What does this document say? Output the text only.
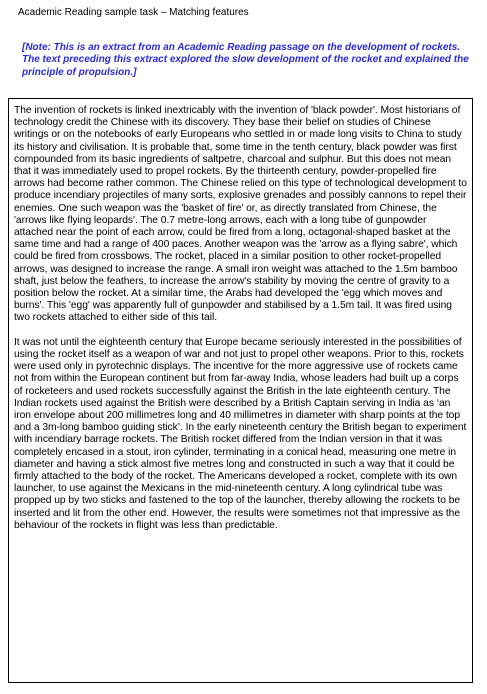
Academic Reading sample task – Matching features
[Note: This is an extract from an Academic Reading passage on the development of rockets. The text preceding this extract explored the slow development of the rocket and explained the principle of propulsion.]

The invention of rockets is linked inextricably with the invention of 'black powder'. Most historians of technology credit the Chinese with its discovery. They base their belief on studies of Chinese writings or on the notebooks of early Europeans who settled in or made long visits to China to study its history and civilisation. It is probable that, some time in the tenth century, black powder was first compounded from its basic ingredients of saltpetre, charcoal and sulphur. But this does not mean that it was immediately used to propel rockets. By the thirteenth century, powder-propelled fire arrows had become rather common. The Chinese relied on this type of technological development to produce incendiary projectiles of many sorts, explosive grenades and possibly cannons to repel their enemies. One such weapon was the 'basket of fire' or, as directly translated from Chinese, the 'arrows like flying leopards'. The 0.7 metre-long arrows, each with a long tube of gunpowder attached near the point of each arrow, could be fired from a long, octagonal-shaped basket at the same time and had a range of 400 paces. Another weapon was the 'arrow as a flying sabre', which could be fired from crossbows. The rocket, placed in a similar position to other rocket-propelled arrows, was designed to increase the range. A small iron weight was attached to the 1.5m bamboo shaft, just below the feathers, to increase the arrow's stability by moving the centre of gravity to a position below the rocket. At a similar time, the Arabs had developed the 'egg which moves and burns'. This 'egg' was apparently full of gunpowder and stabilised by a 1.5m tail. It was fired using two rockets attached to either side of this tail.

It was not until the eighteenth century that Europe became seriously interested in the possibilities of using the rocket itself as a weapon of war and not just to propel other weapons. Prior to this, rockets were used only in pyrotechnic displays. The incentive for the more aggressive use of rockets came not from within the European continent but from far-away India, whose leaders had built up a corps of rocketeers and used rockets successfully against the British in the late eighteenth century. The Indian rockets used against the British were described by a British Captain serving in India as ‘an iron envelope about 200 millimetres long and 40 millimetres in diameter with sharp points at the top and a 3m-long bamboo guiding stick’. In the early nineteenth century the British began to experiment with incendiary barrage rockets. The British rocket differed from the Indian version in that it was completely encased in a stout, iron cylinder, terminating in a conical head, measuring one metre in diameter and having a stick almost five metres long and constructed in such a way that it could be firmly attached to the body of the rocket. The Americans developed a rocket, complete with its own launcher, to use against the Mexicans in the mid-nineteenth century. A long cylindrical tube was propped up by two sticks and fastened to the top of the launcher, thereby allowing the rockets to be inserted and lit from the other end. However, the results were sometimes not that impressive as the behaviour of the rockets in flight was less than predictable.
